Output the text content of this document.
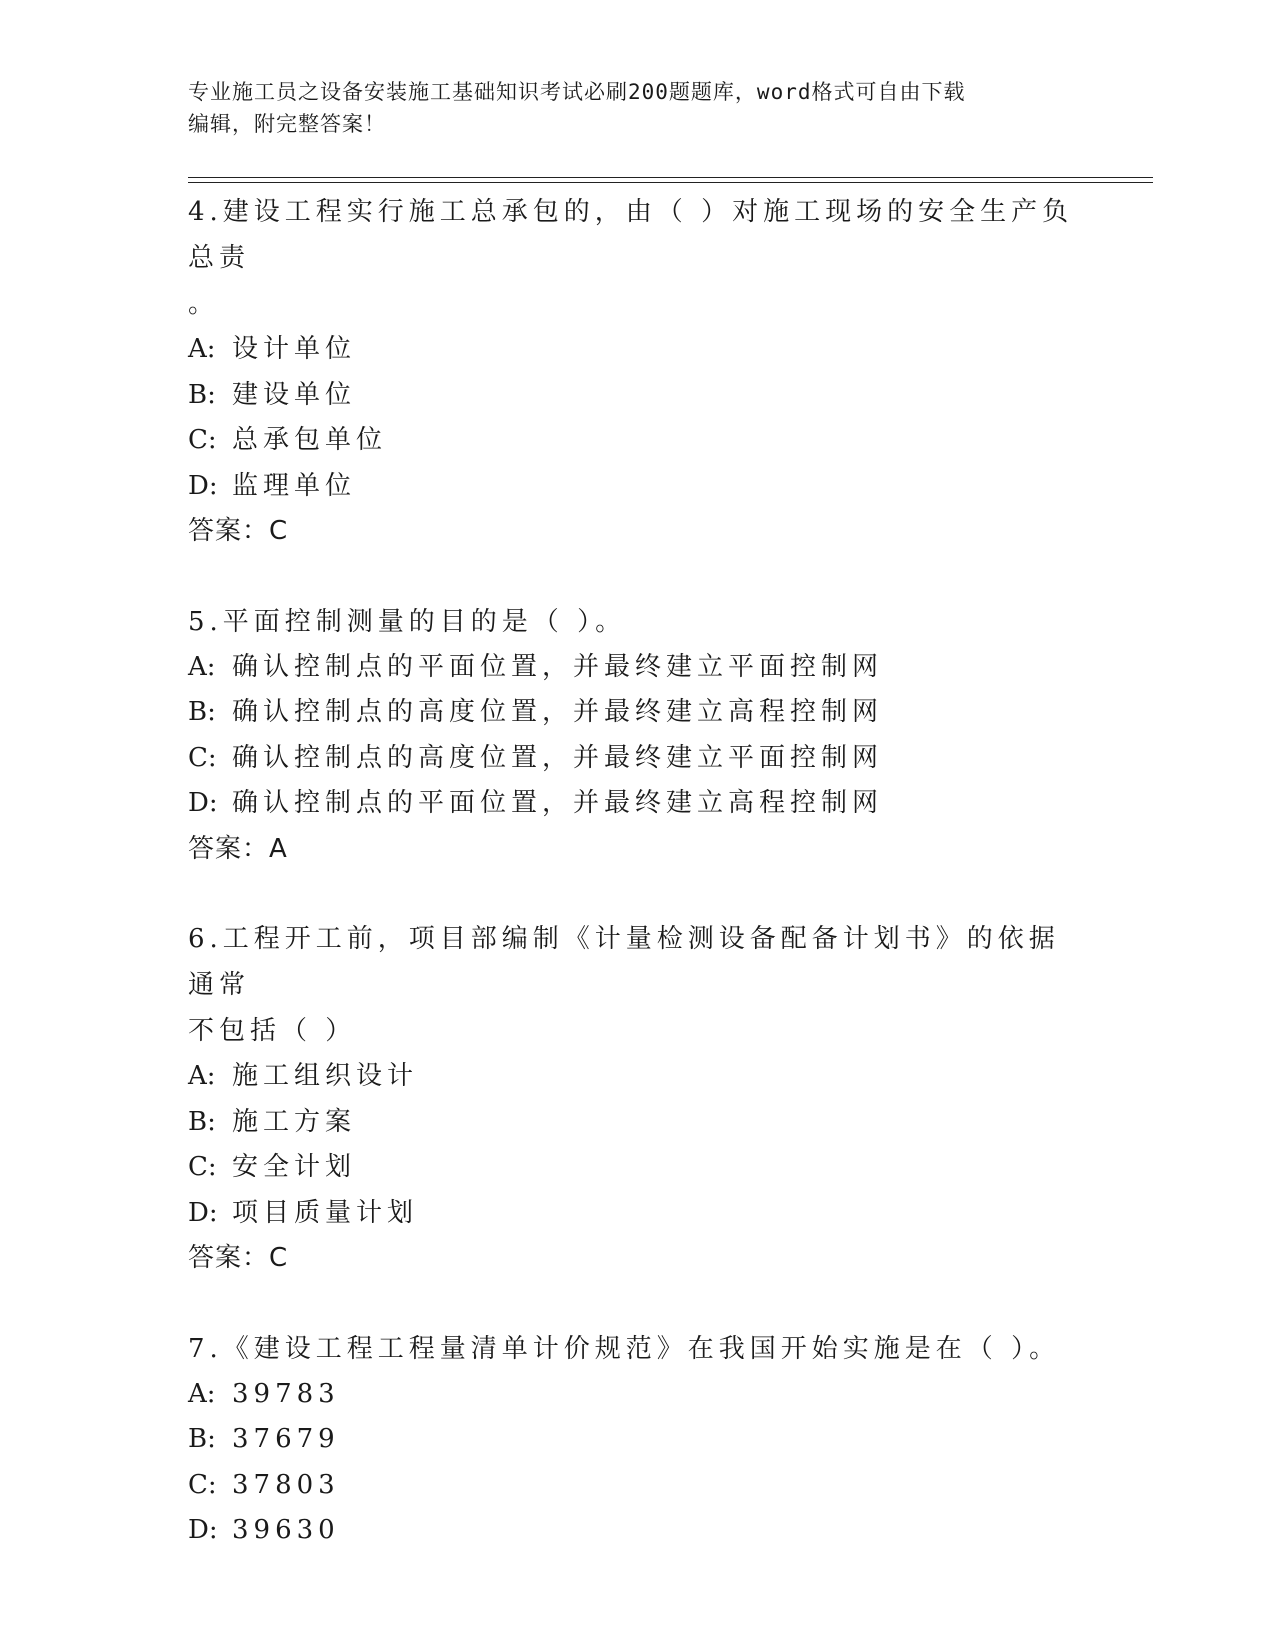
专业施工员之设备安装施工基础知识考试必刷200题题库，word格式可自由下载
编辑，附完整答案！
4.建设工程实行施工总承包的，由（ ）对施工现场的安全生产负总责
。
A: 设计单位
B: 建设单位
C: 总承包单位
D: 监理单位
答案：C
5.平面控制测量的目的是（ ）。
A: 确认控制点的平面位置，并最终建立平面控制网
B: 确认控制点的高度位置，并最终建立高程控制网
C: 确认控制点的高度位置，并最终建立平面控制网
D: 确认控制点的平面位置，并最终建立高程控制网
答案：A
6.工程开工前，项目部编制《计量检测设备配备计划书》的依据通常
不包括（ ）
A: 施工组织设计
B: 施工方案
C: 安全计划
D: 项目质量计划
答案：C
7.《建设工程工程量清单计价规范》在我国开始实施是在（ ）。
A: 39783
B: 37679
C: 37803
D: 39630
